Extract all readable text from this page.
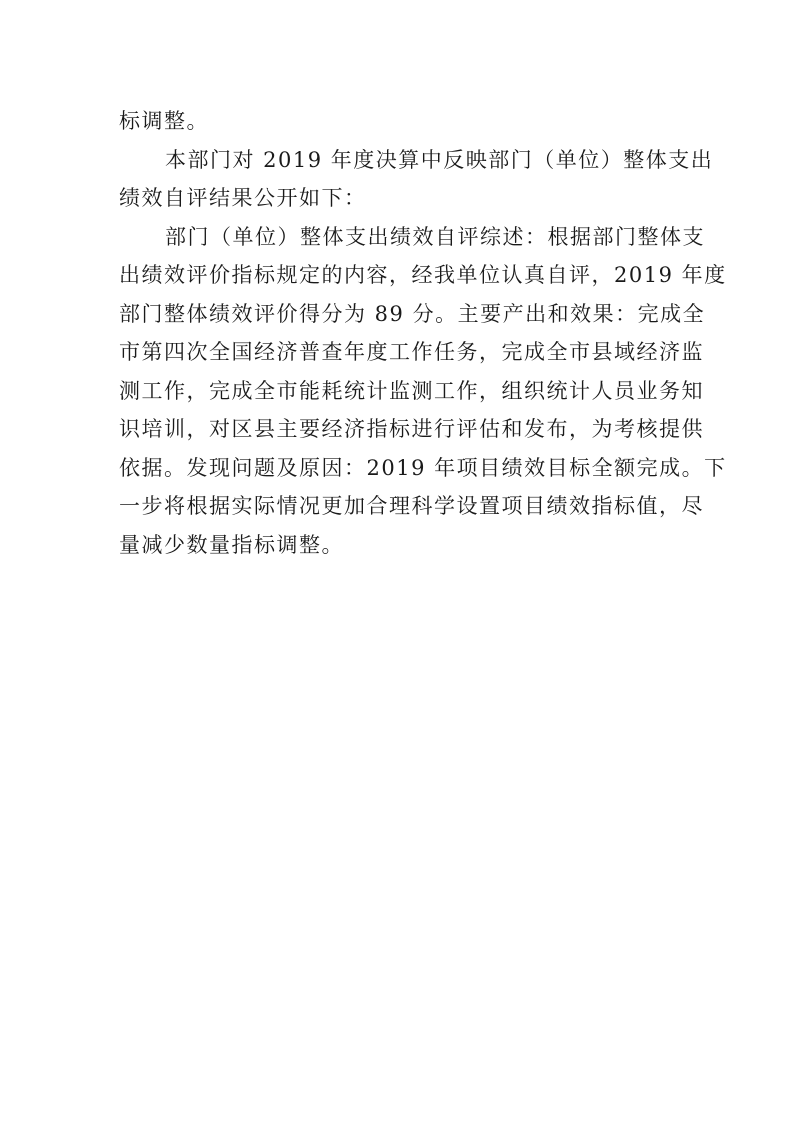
标调整。

本部门对 2019 年度决算中反映部门（单位）整体支出
绩效自评结果公开如下：

部门（单位）整体支出绩效自评综述：根据部门整体支
出绩效评价指标规定的内容，经我单位认真自评，2019 年度
部门整体绩效评价得分为 89 分。主要产出和效果：完成全
市第四次全国经济普查年度工作任务，完成全市县域经济监
测工作，完成全市能耗统计监测工作，组织统计人员业务知
识培训，对区县主要经济指标进行评估和发布，为考核提供
依据。发现问题及原因：2019 年项目绩效目标全额完成。下
一步将根据实际情况更加合理科学设置项目绩效指标值，尽
量减少数量指标调整。
